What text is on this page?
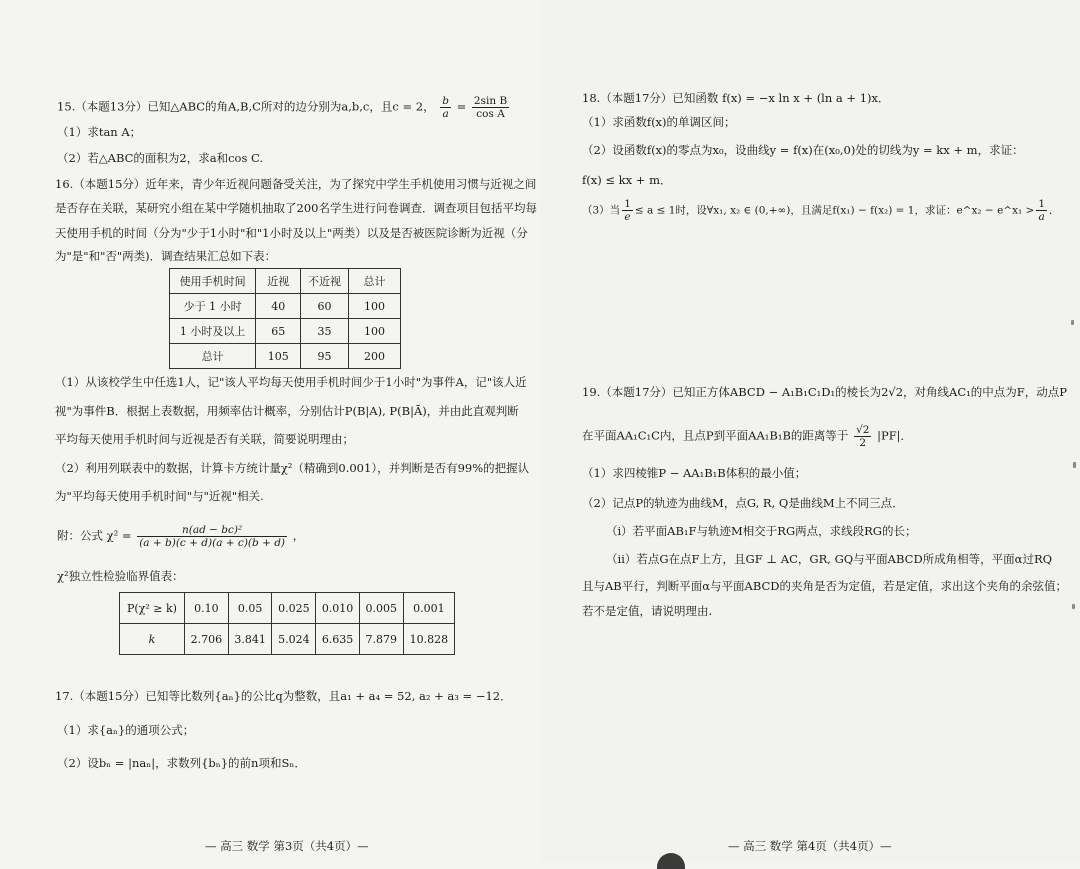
15.（本题13分）已知△ABC的角A,B,C所对的边分别为a,b,c，且c = 2， $\frac{b}{a} = \frac{\text{2sin B}}{\text{cos A}}$
（1）求tan A；
（2）若△ABC的面积为2，求a和cos C.
16.（本题15分）近年来，青少年近视问题备受关注，为了探究中学生手机使用习惯与近视之间
是否存在关联，某研究小组在某中学随机抽取了200名学生进行问卷调查．调查项目包括平均每
天使用手机的时间（分为"少于1小时"和"1小时及以上"两类）以及是否被医院诊断为近视（分
为"是"和"否"两类)．调查结果汇总如下表：
使用手机时间	近视	不近视	总计
少于 1 小时	40	60	100
1 小时及以上	65	35	100
总计	105	95	200
（1）从该校学生中任选1人，记"该人平均每天使用手机时间少于1小时"为事件A，记"该人近
视"为事件B．根据上表数据，用频率估计概率，分别估计P(B|A), P(B|Ā)，并由此直观判断
平均每天使用手机时间与近视是否有关联，简要说明理由；
（2）利用列联表中的数据，计算卡方统计量χ²（精确到0.001），并判断是否有99%的把握认
为"平均每天使用手机时间"与"近视"相关.
附：公式 $\chi^2 = \frac{\text{n(ad − bc)²}}{(a + b)(c + d)(a + c)(b + d)}$ ，
χ²独立性检验临界值表：
P(χ² ≥ k)	0.10	0.05	0.025	0.010	0.005	0.001
k	2.706	3.841	5.024	6.635	7.879	10.828
17.（本题15分）已知等比数列{aₙ}的公比q为整数，且a₁ + a₄ = 52, a₂ + a₃ = −12．
（1）求{aₙ}的通项公式；
（2）设bₙ = |naₙ|，求数列{bₙ}的前n项和Sₙ．
— 高三 数学 第3页（共4页）—
18.（本题17分）已知函数 f(x) = −x ln x + (ln a + 1)x．
（1）求函数f(x)的单调区间；
（2）设函数f(x)的零点为x₀，设曲线y = f(x)在(x₀,0)处的切线为y = kx + m，求证：
f(x) ≤ kx + m．
（3）当 $\frac{1}{e} \le a \le 1$时，设∀x₁, x₂ ∈ (0,+∞)，且满足f(x₁) − f(x₂) = 1，求证：e^x₂ − e^x₁ > $\frac{1}{a}$ ．
19.（本题17分）已知正方体ABCD − A₁B₁C₁D₁的棱长为2√2，对角线AC₁的中点为F，动点P
在平面AA₁C₁C内，且点P到平面AA₁B₁B的距离等于 $\frac{√2}{2} |PF|$．
（1）求四棱锥P − AA₁B₁B体积的最小值；
（2）记点P的轨迹为曲线M，点G, R, Q是曲线M上不同三点．
（ⅰ）若平面AB₁F与轨迹M相交于RG两点，求线段RG的长；
（ⅱ）若点G在点F上方，且GF ⊥ AC，GR, GQ与平面ABCD所成角相等，平面α过RQ
且与AB平行，判断平面α与平面ABCD的夹角是否为定值，若是定值，求出这个夹角的余弦值；
若不是定值，请说明理由.
— 高三 数学 第4页（共4页）—
